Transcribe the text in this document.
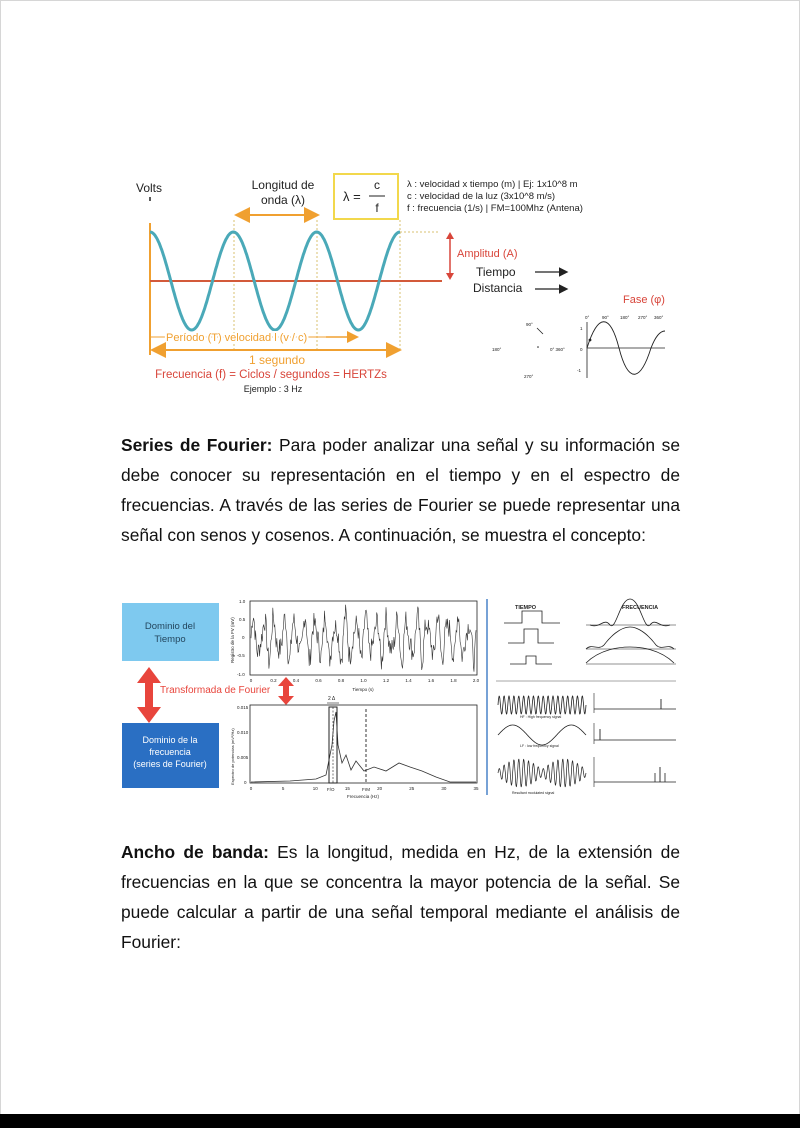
Volts	Longitud de
onda (λ)	λ =
c
f
λ : velocidad x tiempo (m) | Ej: 1x10^8 m
c : velocidad de la luz (3x10^8 m/s)
f : frecuencia (1/s) | FM=100Mhz (Antena)
Amplitud (A)
Tiempo
Distancia
Fase (φ)
90°
180°	0° 360°
270°
1
0
-1
0°	90° 180° 270° 360°
Período (T) velocidad l (v / c)
1 segundo
Frecuencia (f) = Ciclos / segundos = HERTZs
Ejemplo : 3 Hz
Series de Fourier: Para poder analizar una señal y su información se debe conocer su representación en el tiempo y en el espectro de frecuencias. A través de las series de Fourier se puede representar una señal con senos y cosenos. A continuación, se muestra el concepto:
Dominio del
Tiempo
Dominio de la
frecuencia
(series de Fourier)
Transformada de Fourier
Registro de la FV (mV)
1.0
0.5
0
-0.5
-1.0
0	0.2	0.4	0.6	0.8	1.0	1.2	1.4	1.6	1.8	2.0
Tiempo (s)
2 Δ
F/O	FrM
Espectro de potencias (mV²/Hz)
0.015
0.010
0.005
0
0	5	10	15	20	25	30	35
Frecuencia (Hz)
TIEMPO	FRECUENCIA
HF : High frequency signal
LF : low frequency signal
Resultant modulated signal
Ancho de banda: Es la longitud, medida en Hz, de la extensión de frecuencias en la que se concentra la mayor potencia de la señal. Se puede calcular a partir de una señal temporal mediante el análisis de Fourier:
